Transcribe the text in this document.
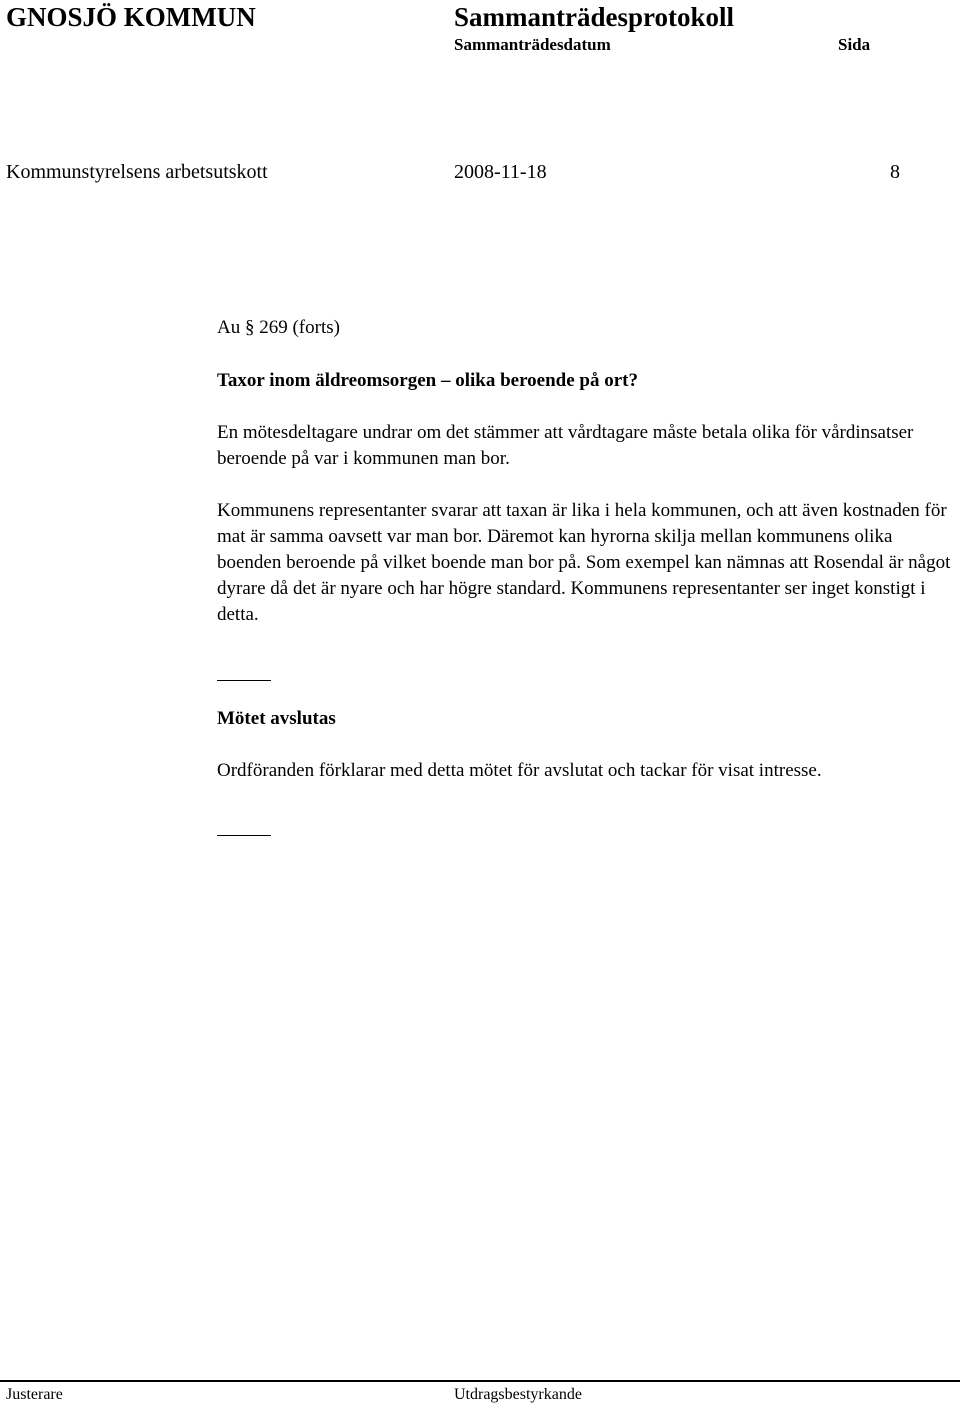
GNOSJÖ KOMMUN	Sammanträdesprotokoll
Sammanträdesdatum	Sida
Kommunstyrelsens arbetsutskott	2008-11-18	8
Au § 269 (forts)
Taxor inom äldreomsorgen – olika beroende på ort?
En mötesdeltagare undrar om det stämmer att vårdtagare måste betala olika för vårdinsatser beroende på var i kommunen man bor.
Kommunens representanter svarar att taxan är lika i hela kommunen, och att även kostnaden för mat är samma oavsett var man bor. Däremot kan hyrorna skilja mellan kommunens olika boenden beroende på vilket boende man bor på. Som exempel kan nämnas att Rosendal är något dyrare då det är nyare och har högre standard. Kommunens representanter ser inget konstigt i detta.
Mötet avslutas
Ordföranden förklarar med detta mötet för avslutat och tackar för visat intresse.
Justerare	Utdragsbestyrkande
